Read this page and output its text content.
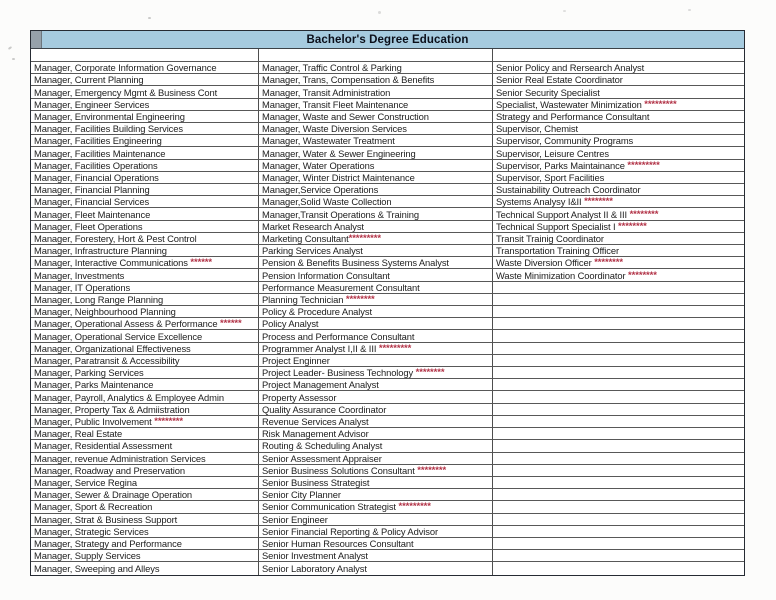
Bachelor's Degree Education
Manager, Corporate Information Governance	Manager, Traffic Control & Parking	Senior Policy and Rersearch Analyst
Manager, Current Planning	Manager, Trans, Compensation & Benefits	Senior Real Estate Coordinator
Manager, Emergency Mgmt & Business Cont	Manager, Transit Administration	Senior Security Specialist
Manager, Engineer Services	Manager, Transit Fleet Maintenance	Specialist, Wastewater Minimization *********
Manager, Environmental Engineering	Manager, Waste and Sewer Construction	Strategy and Performance Consultant
Manager, Facilities Building Services	Manager, Waste Diversion Services	Supervisor, Chemist
Manager, Facilities Engineering	Manager, Wastewater Treatment	Supervisor, Community Programs
Manager, Facilities Maintenance	Manager, Water & Sewer Engineering	Supervisor, Leisure Centres
Manager, Facilities Operations	Manager, Water Operations	Supervisor, Parks Maintainance *********
Manager, Financial Operations	Manager, Winter District Maintenance	Supervisor, Sport Facilities
Manager, Financial Planning	Manager,Service Operations	Sustainability Outreach Coordinator
Manager, Financial Services	Manager,Solid Waste Collection	Systems Analysy I&II ********
Manager, Fleet Maintenance	Manager,Transit Operations & Training	Technical Support Analyst II & III ********
Manager, Fleet Operations	Market Research Analyst	Technical Support Specialist I ********
Manager, Forestery, Hort & Pest Control	Marketing Consultant *********	Transit Trainig Coordinator
Manager, Infrastructure Planning	Parking Services Analyst	Transportation Training Officer
Manager, Interactive Communications ******	Pension & Benefits Business Systems Analyst	Waste Diversion Officer ********
Manager, Investments	Pension Information Consultant	Waste Minimization Coordinator ********
Manager, IT Operations	Performance Measurement Consultant
Manager, Long Range Planning	Planning Technician ********
Manager, Neighbourhood Planning	Policy & Procedure Analyst
Manager, Operational Assess & Performance ******	Policy Analyst
Manager, Operational Service Excellence	Process and Performance Consultant
Manager, Organizational Effectiveness	Programmer Analyst I,II & III *********
Manager, Paratransit & Accessibility	Project Enginner
Manager, Parking Services	Project Leader- Business Technology ********
Manager, Parks Maintenance	Project Management Analyst
Manager, Payroll, Analytics & Employee Admin	Property Assessor
Manager, Property Tax & Admiistration	Quality Assurance Coordinator
Manager, Public Involvement ********	Revenue Services Analyst
Manager, Real Estate	Risk Management Advisor
Manager, Residential Assessment	Routing & Scheduling Analyst
Manager, revenue Administration Services	Senior Assessment Appraiser
Manager, Roadway and Preservation	Senior Business Solutions Consultant ********
Manager, Service Regina	Senior Business Strategist
Manager, Sewer & Drainage Operation	Senior City Planner
Manager, Sport & Recreation	Senior Communication Strategist *********
Manager, Strat & Business Support	Senior Engineer
Manager, Strategic Services	Senior Financial Reporting & Policy Advisor
Manager, Strategy and Performance	Senior Human Resources Consultant
Manager, Supply Services	Senior Investment Analyst
Manager, Sweeping and Alleys	Senior Laboratory Analyst
